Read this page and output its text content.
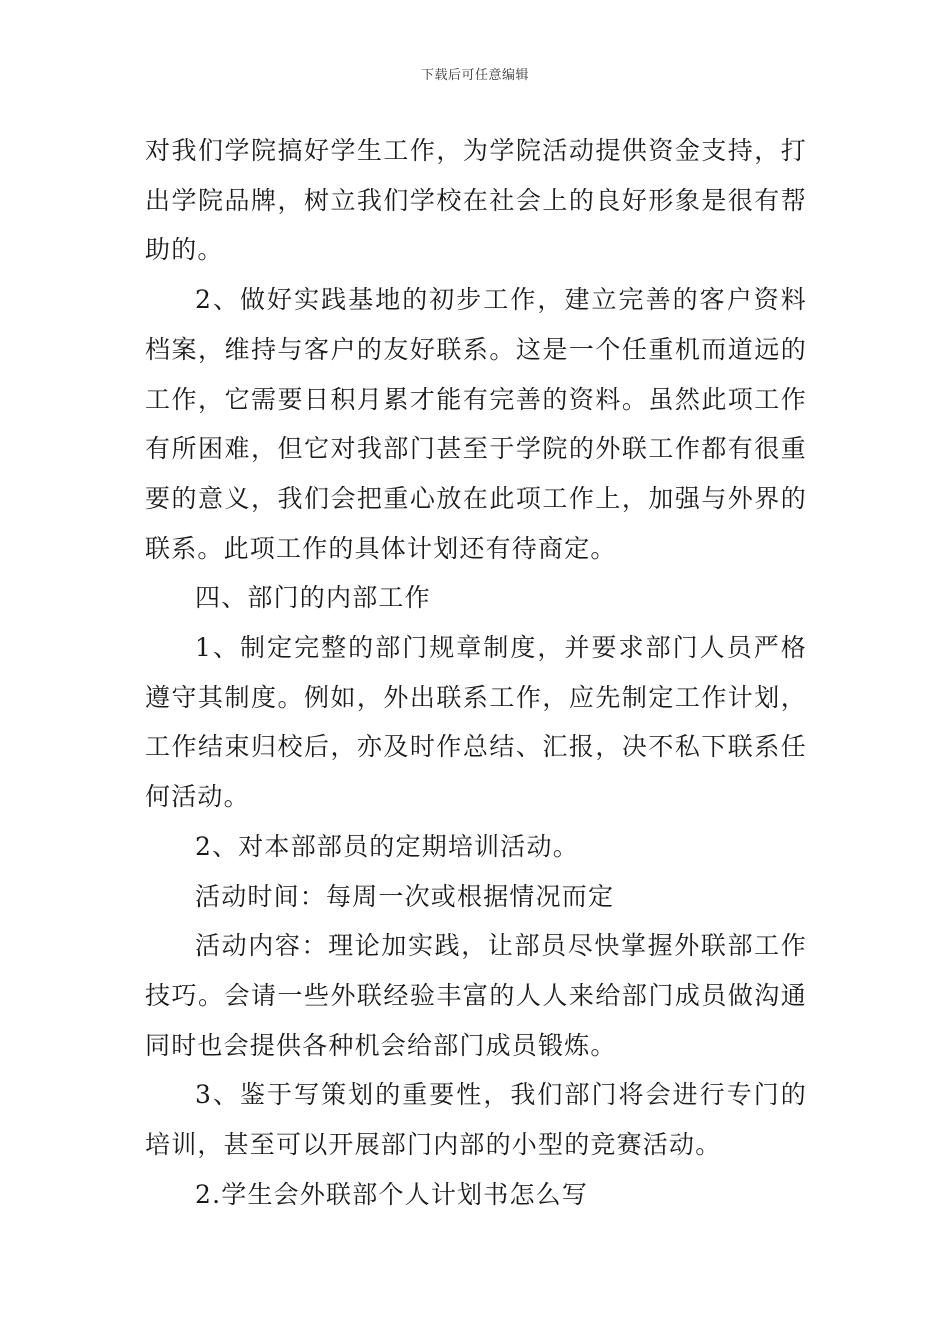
下载后可任意编辑

对我们学院搞好学生工作，为学院活动提供资金支持，打出学院品牌，树立我们学校在社会上的良好形象是很有帮助的。

2、做好实践基地的初步工作，建立完善的客户资料档案，维持与客户的友好联系。这是一个任重机而道远的工作，它需要日积月累才能有完善的资料。虽然此项工作有所困难，但它对我部门甚至于学院的外联工作都有很重要的意义，我们会把重心放在此项工作上，加强与外界的联系。此项工作的具体计划还有待商定。

四、部门的内部工作

1、制定完整的部门规章制度，并要求部门人员严格遵守其制度。例如，外出联系工作，应先制定工作计划，工作结束归校后，亦及时作总结、汇报，决不私下联系任何活动。

2、对本部部员的定期培训活动。

活动时间：每周一次或根据情况而定

活动内容：理论加实践，让部员尽快掌握外联部工作技巧。会请一些外联经验丰富的人人来给部门成员做沟通同时也会提供各种机会给部门成员锻炼。

3、鉴于写策划的重要性，我们部门将会进行专门的培训，甚至可以开展部门内部的小型的竞赛活动。

2.学生会外联部个人计划书怎么写
